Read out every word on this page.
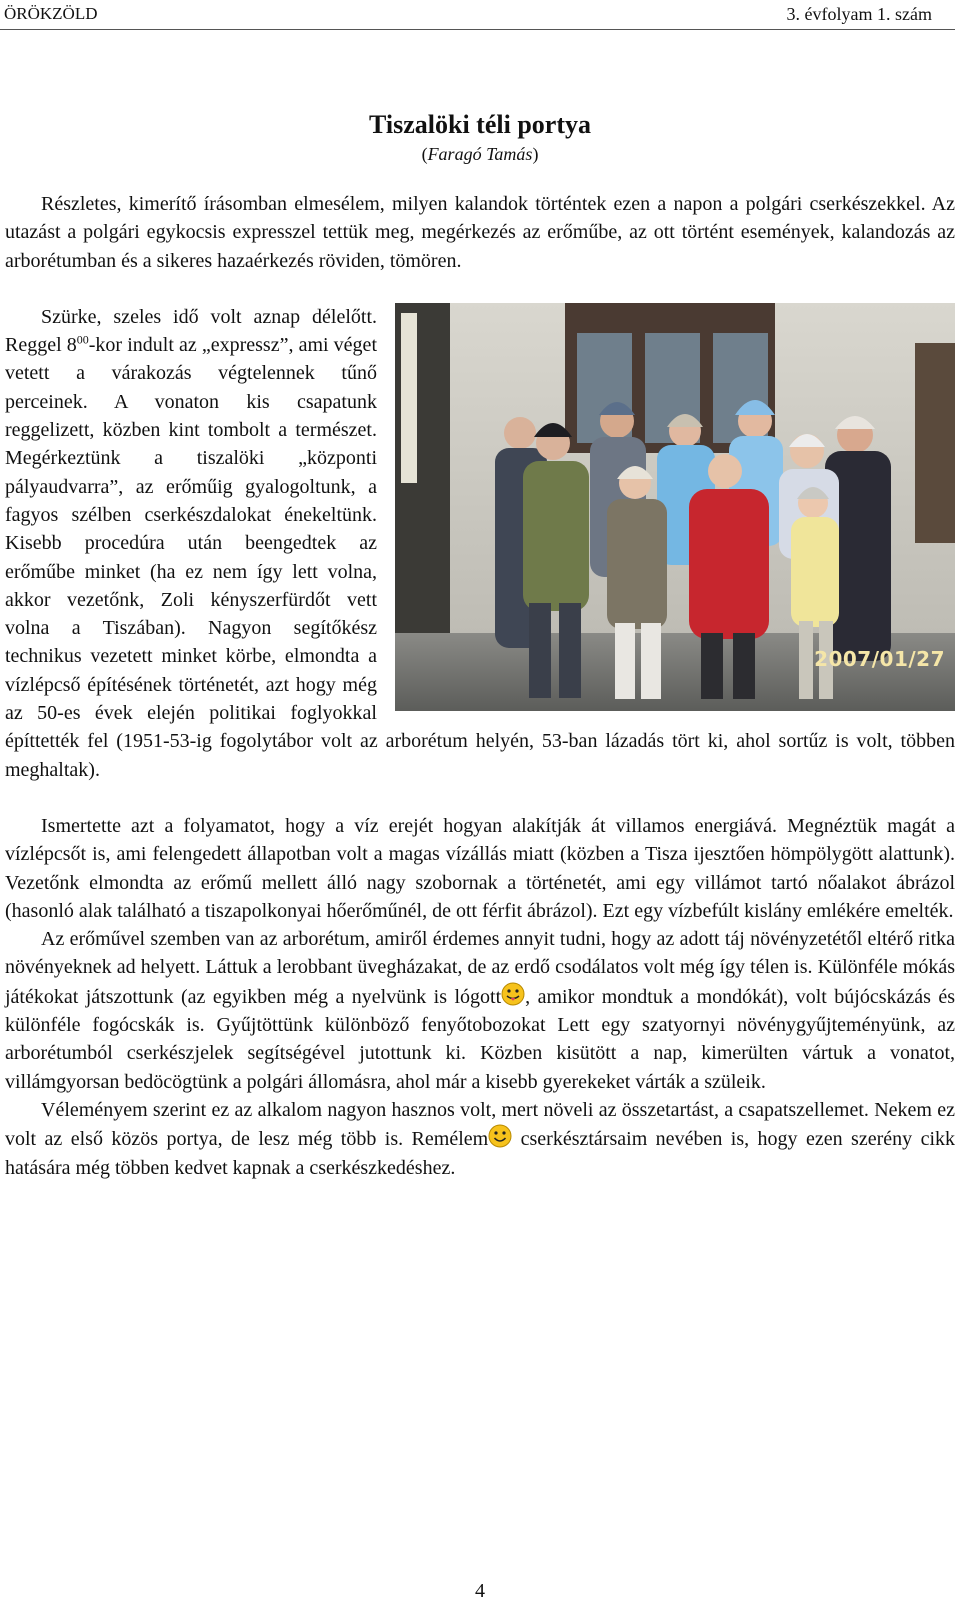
ÖRÖKZÖLD	3. évfolyam 1. szám
Tiszalöki téli portya
(Faragó Tamás)

Részletes, kimerítő írásomban elmesélem, milyen kalandok történtek ezen a napon a polgári cserkészekkel. Az utazást a polgári egykocsis expresszel tettük meg, megérkezés az erőműbe, az ott történt események, kalandozás az arborétumban és a sikeres hazaérkezés röviden, tömören.

2007/01/27

Szürke, szeles idő volt aznap délelőtt. Reggel $8^{00}$-kor indult az „expressz”, ami véget vetett a várakozás végtelennek tűnő perceinek. A vonaton kis csapatunk reggelizett, közben kint tombolt a természet. Megérkeztünk a tiszalöki „központi pályaudvarra”, az erőműig gyalogoltunk, a fagyos szélben cserkészdalokat énekeltünk. Kisebb procedúra után beengedtek az erőműbe minket (ha ez nem így lett volna, akkor vezetőnk, Zoli kényszerfürdőt vett volna a Tiszában). Nagyon segítőkész technikus vezetett minket körbe, elmondta a vízlépcső építésének történetét, azt hogy még az 50-es évek elején politikai foglyokkal építtették fel (1951-53-ig fogolytábor volt az arborétum helyén, 53-ban lázadás tört ki, ahol sortűz is volt, többen meghaltak).

Ismertette azt a folyamatot, hogy a víz erejét hogyan alakítják át villamos energiává. Megnéztük magát a vízlépcsőt is, ami felengedett állapotban volt a magas vízállás miatt (közben a Tisza ijesztően hömpölygött alattunk). Vezetőnk elmondta az erőmű mellett álló nagy szobornak a történetét, ami egy villámot tartó nőalakot ábrázol (hasonló alak található a tiszapolkonyai hőerőműnél, de ott férfit ábrázol). Ezt egy vízbefúlt kislány emlékére emelték.

Az erőművel szemben van az arborétum, amiről érdemes annyit tudni, hogy az adott táj növényzetétől eltérő ritka növényeknek ad helyett. Láttuk a lerobbant üvegházakat, de az erdő csodálatos volt még így télen is. Különféle mókás játékokat játszottunk (az egyikben még a nyelvünk is lógott , amikor mondtuk a mondókát), volt bújócskázás és különféle fogócskák is. Gyűjtöttünk különböző fenyőtobozokat Lett egy szatyornyi növénygyűjteményünk, az arborétumból cserkészjelek segítségével jutottunk ki. Közben kisütött a nap, kimerülten vártuk a vonatot, villámgyorsan bedöcögtünk a polgári állomásra, ahol már a kisebb gyerekeket várták a szüleik.

Véleményem szerint ez az alkalom nagyon hasznos volt, mert növeli az összetartást, a csapatszellemet. Nekem ez volt az első közös portya, de lesz még több is. Remélem cserkésztársaim nevében is, hogy ezen szerény cikk hatására még többen kedvet kapnak a cserkészkedéshez.

4
